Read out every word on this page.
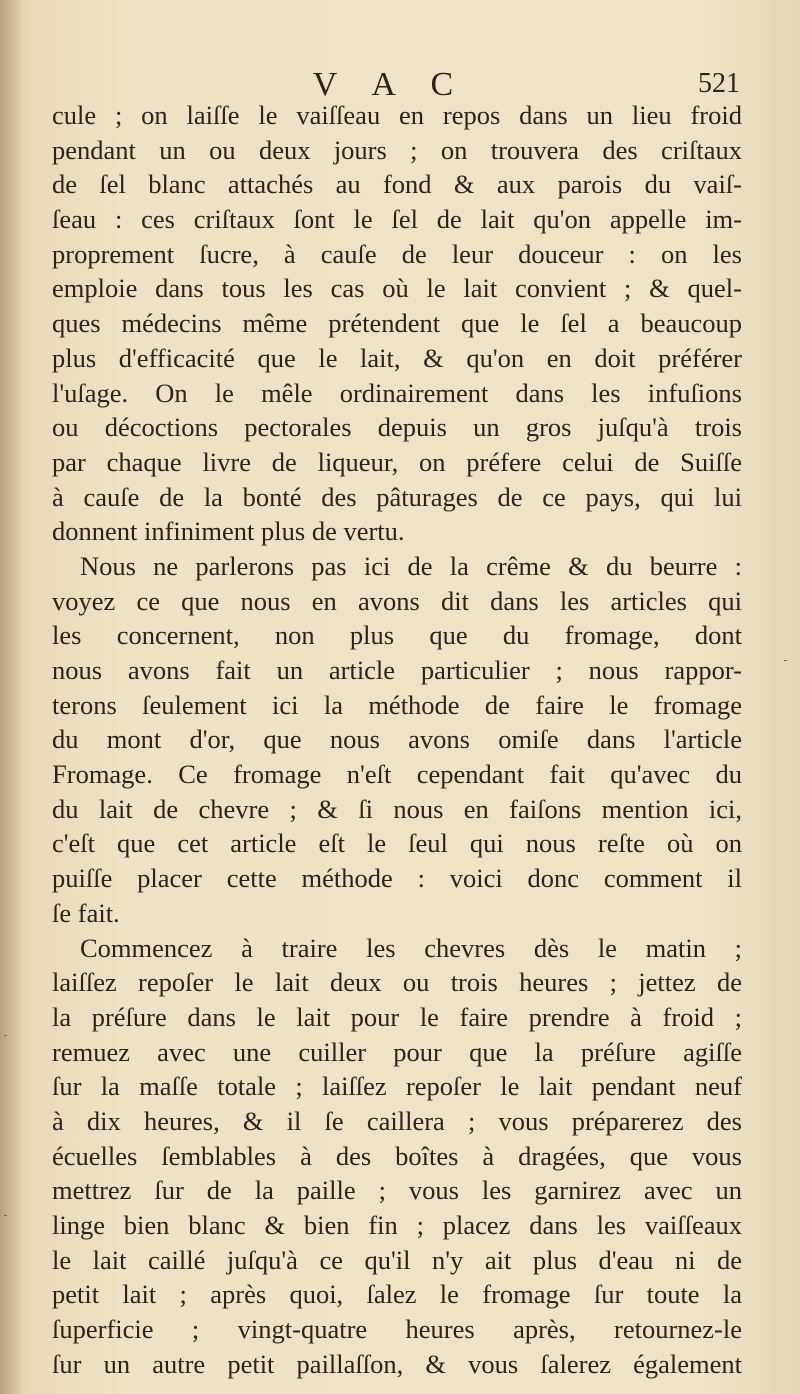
V A C	521
cule ; on laiſſe le vaiſſeau en repos dans un lieu froid
pendant un ou deux jours ; on trouvera des criſtaux
de ſel blanc attachés au fond & aux parois du vaiſ-
ſeau : ces criſtaux ſont le ſel de lait qu'on appelle im-
proprement ſucre, à cauſe de leur douceur : on les
emploie dans tous les cas où le lait convient ; & quel-
ques médecins même prétendent que le ſel a beaucoup
plus d'efficacité que le lait, & qu'on en doit préférer
l'uſage. On le mêle ordinairement dans les infuſions
ou décoctions pectorales depuis un gros juſqu'à trois
par chaque livre de liqueur, on préfere celui de Suiſſe
à cauſe de la bonté des pâturages de ce pays, qui lui
donnent infiniment plus de vertu.
Nous ne parlerons pas ici de la crême & du beurre :
voyez ce que nous en avons dit dans les articles qui
les concernent, non plus que du fromage, dont
nous avons fait un article particulier ; nous rappor-
terons ſeulement ici la méthode de faire le fromage
du mont d'or, que nous avons omiſe dans l'article
Fromage. Ce fromage n'eſt cependant fait qu'avec du
du lait de chevre ; & ſi nous en faiſons mention ici,
c'eſt que cet article eſt le ſeul qui nous reſte où on
puiſſe placer cette méthode : voici donc comment il
ſe fait.
Commencez à traire les chevres dès le matin ;
laiſſez repoſer le lait deux ou trois heures ; jettez de
la préſure dans le lait pour le faire prendre à froid ;
remuez avec une cuiller pour que la préſure agiſſe
ſur la maſſe totale ; laiſſez repoſer le lait pendant neuf
à dix heures, & il ſe caillera ; vous préparerez des
écuelles ſemblables à des boîtes à dragées, que vous
mettrez ſur de la paille ; vous les garnirez avec un
linge bien blanc & bien fin ; placez dans les vaiſſeaux
le lait caillé juſqu'à ce qu'il n'y ait plus d'eau ni de
petit lait ; après quoi, ſalez le fromage ſur toute la
ſuperficie ; vingt-quatre heures après, retournez-le
ſur un autre petit paillaſſon, & vous ſalerez également
